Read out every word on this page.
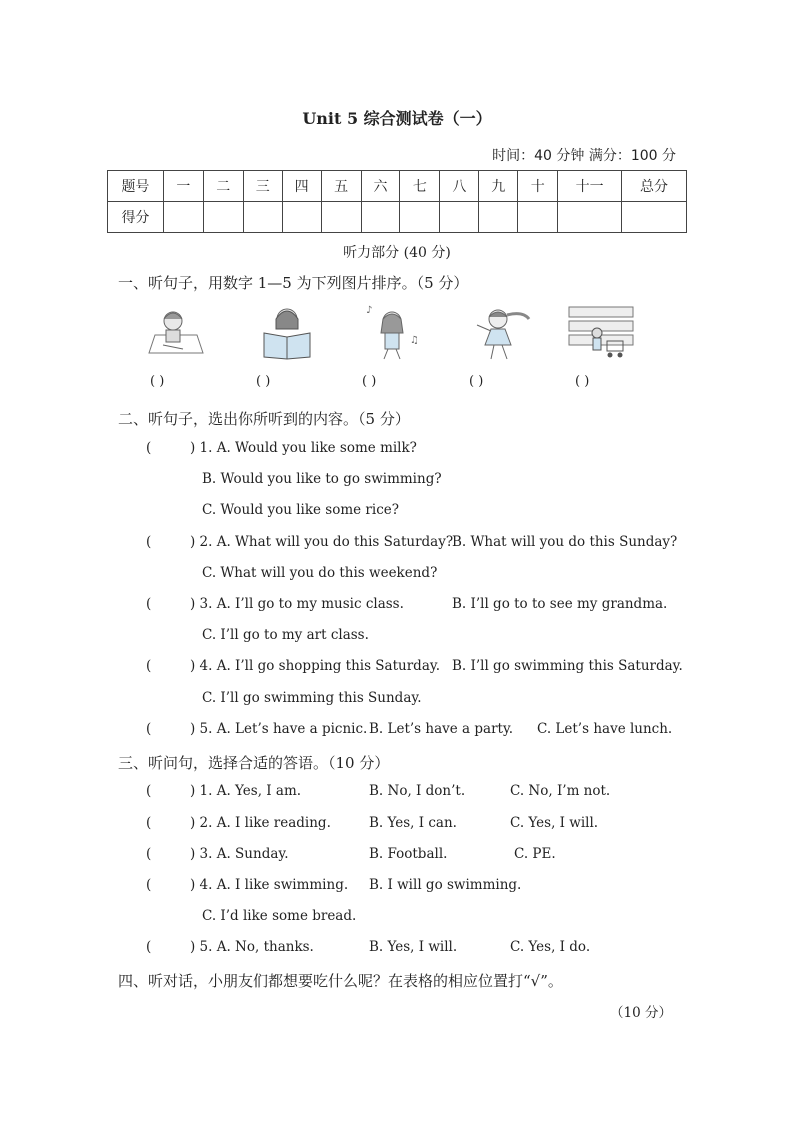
Unit 5 综合测试卷（一）
时间：40 分钟 满分：100 分
题号	一	二	三	四	五	六	七	八	九	十	十一	总分
得分												
听力部分 (40 分)
一、听句子，用数字 1—5 为下列图片排序。（5 分）
♪
♫
( )	( )	( )	( )	( )
二、听句子，选出你所听到的内容。（5 分）
(	) 1. A. Would you like some milk?
B. Would you like to go swimming?
C. Would you like some rice?
(	) 2. A. What will you do this Saturday?
B. What will you do this Sunday?
C. What will you do this weekend?
(	) 3. A. I’ll go to my music class.	B. I’ll go to to see my grandma.
C. I’ll go to my art class.
(	) 4. A. I’ll go shopping this Saturday. B. I’ll go swimming this Saturday.
C. I’ll go swimming this Sunday.
(	) 5. A. Let’s have a picnic. B. Let’s have a party. C. Let’s have lunch.
三、听问句，选择合适的答语。（10 分）
(	) 1. A. Yes, I am.	B. No, I don’t.	C. No, I’m not.
(	) 2. A. I like reading.	B. Yes, I can.	C. Yes, I will.
(	) 3. A. Sunday.	B. Football.	C. PE.
(	) 4. A. I like swimming. B. I will go swimming.
C. I’d like some bread.
(	) 5. A. No, thanks.	B. Yes, I will.	C. Yes, I do.
四、听对话，小朋友们都想要吃什么呢？在表格的相应位置打“√”。
（10 分）
